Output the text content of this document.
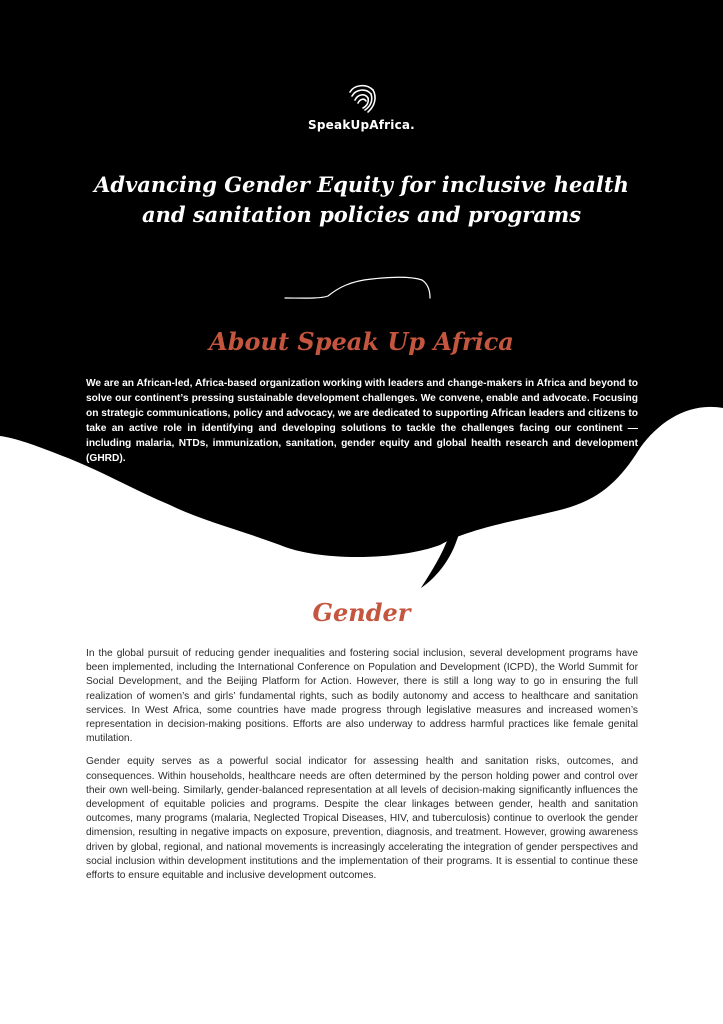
SpeakUpAfrica.
Advancing Gender Equity for inclusive health
and sanitation policies and programs
About Speak Up Africa
We are an African-led, Africa-based organization working with leaders and change-makers in Africa and beyond to solve our continent’s pressing sustainable development challenges. We convene, enable and advocate. Focusing on strategic communications, policy and advocacy, we are dedicated to supporting African leaders and citizens to take an active role in identifying and developing solutions to tackle the challenges facing our continent — including malaria, NTDs, immunization, sanitation, gender equity and global health research and development (GHRD).
Gender

In the global pursuit of reducing gender inequalities and fostering social inclusion, several development programs have been implemented, including the International Conference on Population and Development (ICPD), the World Summit for Social Development, and the Beijing Platform for Action. However, there is still a long way to go in ensuring the full realization of women’s and girls’ fundamental rights, such as bodily autonomy and access to healthcare and sanitation services. In West Africa, some countries have made progress through legislative measures and increased women’s representation in decision-making positions. Efforts are also underway to address harmful practices like female genital mutilation.

Gender equity serves as a powerful social indicator for assessing health and sanitation risks, outcomes, and consequences. Within households, healthcare needs are often determined by the person holding power and control over their own well-being. Similarly, gender-balanced representation at all levels of decision-making significantly influences the development of equitable policies and programs. Despite the clear linkages between gender, health and sanitation outcomes, many programs (malaria, Neglected Tropical Diseases, HIV, and tuberculosis) continue to overlook the gender dimension, resulting in negative impacts on exposure, prevention, diagnosis, and treatment. However, growing awareness driven by global, regional, and national movements is increasingly accelerating the integration of gender perspectives and social inclusion within development institutions and the implementation of their programs. It is essential to continue these efforts to ensure equitable and inclusive development outcomes.
